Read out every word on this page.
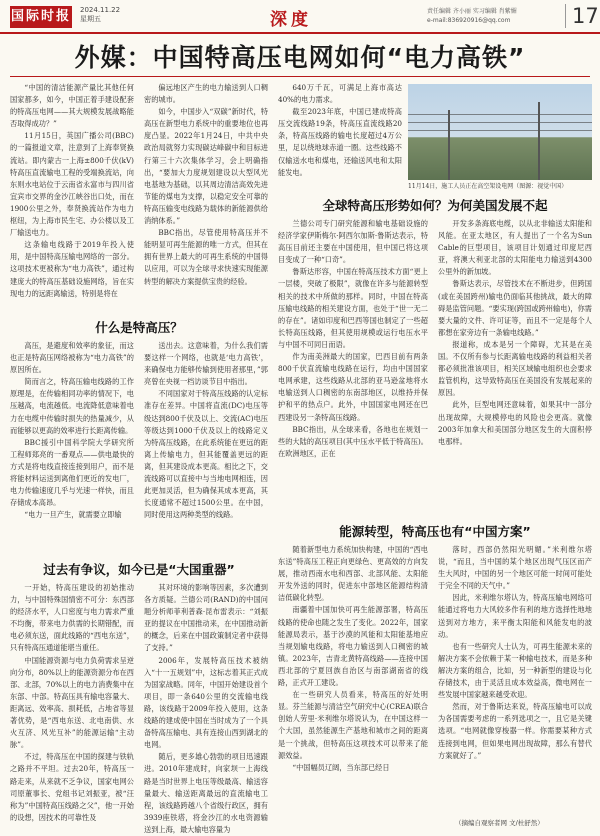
国际时报 2024.11.22
星期五	深度	责任编辑 齐小丽 实习编辑 肖紫媚
e-mail:836920916@qq.com	17
外媒：中国特高压电网如何“电力高铁”

“中国的清洁能源产量比其他任何国家都多，如今，中国正着手建设配套的特高压电网——其大规模发展战略能否取得成功？”

11月15日，英国广播公司(BBC)的一篇报道文章，注意到了上海奉贤换流站。即内蒙古一上海±800千伏(kV)特高压直流输电工程的受端换流站，向东则水电站位于云南省永富市与四川省宜宾市交界的金沙江峡谷出口处，而在1900公里之外，奉贤换流站作为电力枢纽，为上海市民生宅、办公楼以及工厂输送电力。

这条输电线路于2019年投入使用，是中国特高压输电网络的一部分。这项技术更被称为“电力高铁”，通过构建庞大的特高压基础设施网络，旨在实现电力的远距离输送，特别是将在

偏远地区产生的电力输送到人口稠密的城市。

如今，中国步入“双碳”新时代，特高压在新型电力系统中的重要地位也再度凸显。2022年1月24日，中共中央政治局就努力实现碳达峰碳中和目标进行第三十六次集体学习，会上明确指出，“要加大力度规划建设以大型风光电基地为基础，以其周边清洁高效先进节能的煤电为支撑，以稳定安全可靠的特高压输变电线路为载体的新能源供给消纳体系。”

BBC指出，尽管使用特高压并不能明显可再生能源的唯一方式，但其在拥有世界上最大的可再生系统的中国得以应用，可以为全球寻求快速实现能源转型的解决方案提供宝贵的经验。

640万千瓦，可满足上海市高达40%的电力需求。

截至2023年底，中国已建成特高压交流线路19条，特高压直流线路20条，特高压线路的输电长度超过4万公里，足以绕地球赤道一圈。这些线路不仅输送水电和煤电，还输送风电和太阳能发电。

11月14日，施工人员正在高空架设电网（图源：视觉中国）
全球特高压形势如何？为何美国发展不起
什么是特高压？

高压，是避度和效率的象征，而这也正是特高压网络被称为“电力高铁”的原因所在。

简而言之，特高压输电线路的工作原理是，在传输相同功率的情况下，电压越高，电流越低。电流降低意味着电力在电缆中传输时损失的热量减少，从而能够以更高的效率进行长距离传输。

BBC援引中国科学院大学研究所工程师郑亮的一番观点——供电最快的方式是将电线直接连接到用户，而不是将能材料运送到离他们更近的发电厂，电力传输速度几乎与光速一样快，而且存储成本高昂。

“电力一旦产生，就需要立即输

送出去。这意味着，为什么我们需要这样一个网络，也就是‘电力高铁’，来确保电力能够传输到使用者那里，”郭亮曾在央视一档访谈节目中指出。

不同国家对于特高压线路的认定标准存在差异。中国将直流(DC)电压等级达到800千伏及以上、交流(AC)电压等级达到1000千伏及以上的线路定义为特高压线路，在此系统能在更远的距离上传输电力，但其能覆盖更远的距离，但其建设成本更高。相比之下，交流线路可以直接中与当地电网相连，因此更加灵活，但为确保其成本更高，其长度通常不超过1500公里。在中国，同时使用这两种类型的线路。

兰德公司专门研究能源和输电基础设施的经济学家伊斯梅尔·阿西尔加斯·鲁斯达表示，特高压目前还主要在中国使用，但中国已将这项目变成了一种“口奇”。

鲁斯达形容，中国在特高压技术方面“更上一层楼，突破了极限”，就像在许多与能源转型相关的技术中所做的那样。同时，中国在特高压输电线路的相关建设方面，也处于“世一无二的存在”。诸如印度和巴西等国也制定了一些超长特高压线路，但其使用规模或运行电压水平与中国不可同日而语。

作为南美洲最大的国家，巴西目前有两条800千伏直流输电线路在运行，均由中国国家电网承建，这些线路从北部的亚马逊盆地将水电输送到人口稠密的东南部地区，以维持并保护和平的热点户。此外，中国国家电网还在巴西建设另一条特高压线路。

BBC指出，从全球来看，各地也在规划一些的大陆的高压项目(其中压水平低于特高压)。在欧洲地区，正在

开发多条海底电缆，以从北非输送太阳能和风能。在亚太地区，有人提出了一个名为Sun Cable的巨型项目，该项目计划通过印度尼西亚，将澳大利亚北部的太阳能电力输送到4300公里外的新加坡。

鲁斯达表示，尽管技术在不断进步，但跨国(或在美国跨州)输电仍面临其他挑战，最大的障碍是监管问题。“要实现(跨国或跨州输电)，你需要大量的文件、许可证等，而且不一定是每个人都想在家旁边有一条输电线路。”

报道称，成本是另一个障碍，尤其是在美国。不仅所有参与长距离输电线路的利益相关者都必须批准该项目，相关区域输电组织也会要求监管机构，这导致特高压在美国没有发展起来的原因。

此外，巨型电网还意味着，如果其中一部分出现故障，大规模停电的风险也会更高。就像2003年加拿大和美国部分地区发生的大面积停电那样。

能源转型，特高压也有“中国方案”
过去有争议，如今已是“大国重器”

一开始，特高压建设的初始推动力，与中国特殊国情密不可分：东西部的经济水平，人口密度与电力需求严重不均衡，带来电力供需的长期错配，而电必须东送，面此线路的“西电东送”，只有特高压通道能堪当重任。

中国能源资源与电力负荷需求呈逆向分布，80%以上的能源资源分布在西部、北部，70%以上的电力消费集中在东部、中部。特高压具有输电容量大、距离远、效率高、损耗低，占地省等显著优势，是“西电东送、北电南供、水火互济、风光互补”的能源运输“主动脉”。

不过，特高压在中国的探建与铁轨之路并不平坦。过去20年，特高压一路走来，从来就不乏争议，国家电网公司原董事长、党组书记刘振亚，被“汪称为”中国特高压线路之父”，他一开始的设想，因技术的可靠性及

其对环境的影响等因素，多次遭到各方质疑。兰德公司(RAND)的中国问题分析师菲利普森·昆布雷表示：“刘振亚的提议在中国推动来，在中国推动新的概念，后来在中国政策制定者中获得了支持。”

2006年，发展特高压技术被纳入“十一五规划”中，这标志着其正式成为国家战略。同年，中国开始建设首个项目，即一条640公里的交流输电线路，该线路于2009年投入使用，这条线路的建成使中国在当时成为了一个具备特高压输电、具有连接山西到湖北的电网。

随后，更多雄心勃勃的项目迅速跟进。2010年建成时，向家坝一上海线路是当时世界上电压等级最高、输送容量最大、输送距离最远的直流输电工程，该线路跨越八个省级行政区，拥有3939座铁塔，将金沙江的水电资源输送到上海，最大输电容量为

随着新型电力系统加快构建，中国的“西电东送”特高压工程正向更绿色、更高效的方向发展，推动西南水电和西部、北部风能、太阳能开发外送的同时，促进东中部地区能源结构清洁低碳化转型。

南疆着中国加快可再生能源部署，特高压线路的使命也随之发生了变化。2022年，国家能源局表示，基于沙漠的风能和太阳能基地应当规划输电线路，将电力输送到人口稠密的城镇。2023年，吉青北黄特高线路——连接中国西北部的宁夏回族自治区与南部湖南省的线路，正式开工建设。

在一些研究人员看来，特高压的好处明显。芬兰能源与清洁空气研究中心(CREA)联合创始人劳里·米利维尔塔说认为，在中国这样一个大国，虽然能源生产基地和城市之间的距离是一个挑战，但特高压这项技术可以带来了能源效益。

“中国幅员辽阔，当东部已经日

落时，西部仍然阳光明媚。”米利维尔塔说，“而且，当中国的某个地区出现气压区而产生大风时，中国的另一个地区可能一时间可能处于完全不同的天气中。”

因此，米利维尔塔认为，特高压输电网络可能通过将电力大风较多作有利的地方选择性地地送到对方地方，来平衡太阳能和风能发电的波动。

也有一些研究人士认为，可再生能源未来的解决方案不会依赖于某一种输电技术，而是多种解决方案的组合，比如，另一种新型的建设与化存储技术，由于灵活且成本效益高，微电网在一些发展中国家越来越受欢迎。

然而，对于鲁斯达来说，特高压输电可以成为各国需要考虑的一系列选项之一，且它是关键选项。“电网就像穿梭器一样。你需要某种方式连接到电网，但如果电网出现故障，那么有替代方案就好了。”

（摘编自观察者网 文/杜舒然）
